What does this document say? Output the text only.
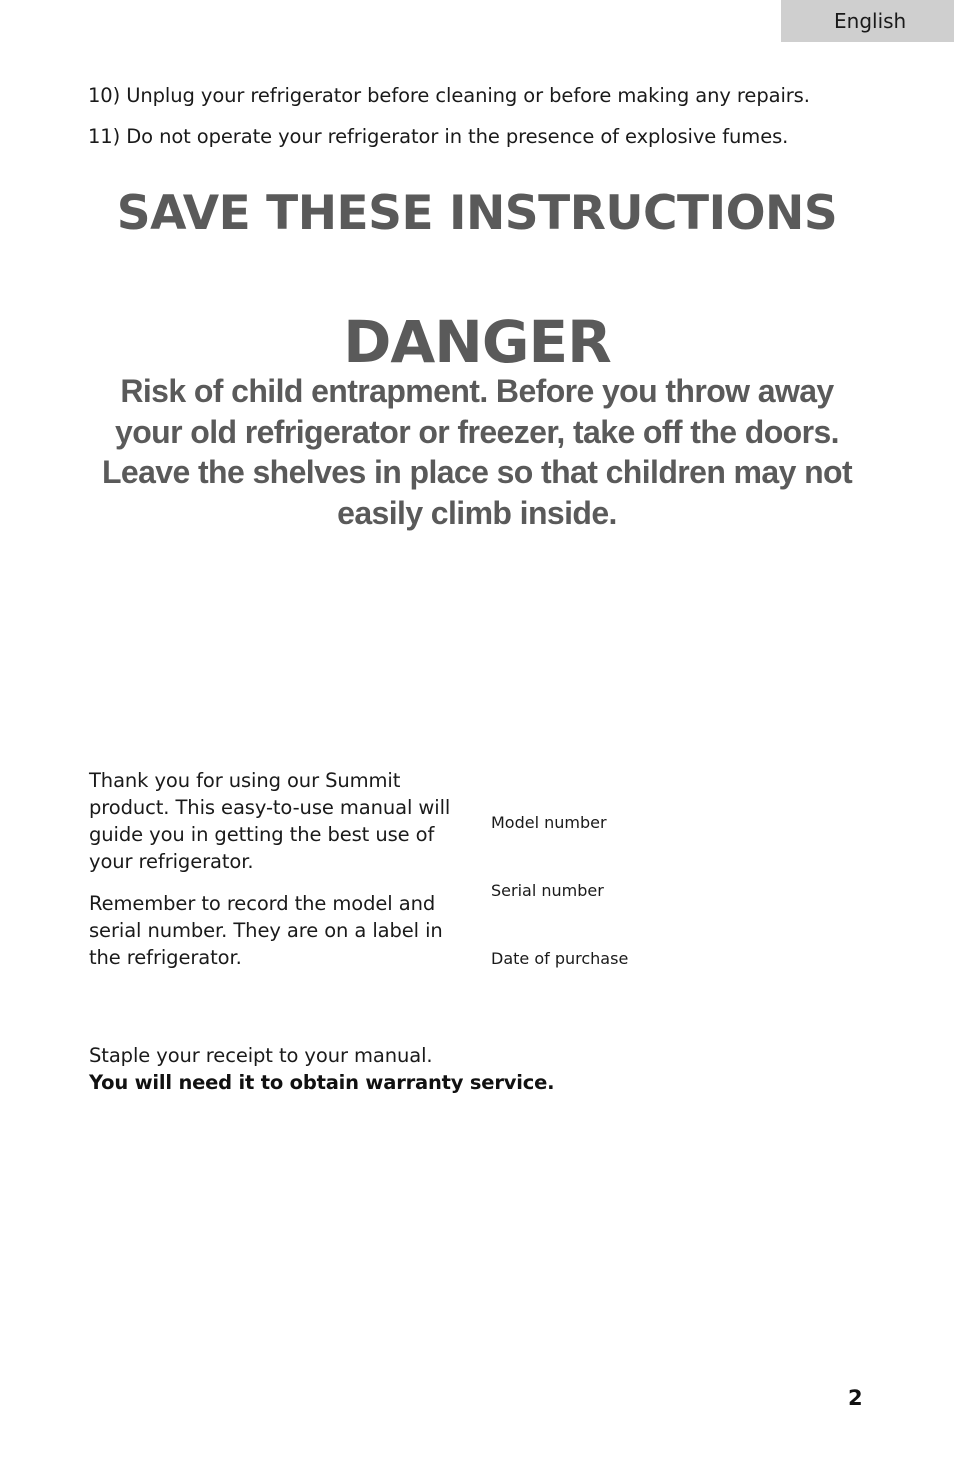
English
10) Unplug your refrigerator before cleaning or before making any repairs.
11) Do not operate your refrigerator in the presence of explosive fumes.
SAVE THESE INSTRUCTIONS
DANGER

Risk of child entrapment. Before you throw away your old refrigerator or freezer, take off the doors. Leave the shelves in place so that children may not easily climb inside.

Thank you for using our Summit product. This easy-to-use manual will guide you in getting the best use of your refrigerator.

Remember to record the model and serial number. They are on a label in the refrigerator.

Model number
Serial number
Date of purchase
Staple your receipt to your manual.
You will need it to obtain warranty service.
2
